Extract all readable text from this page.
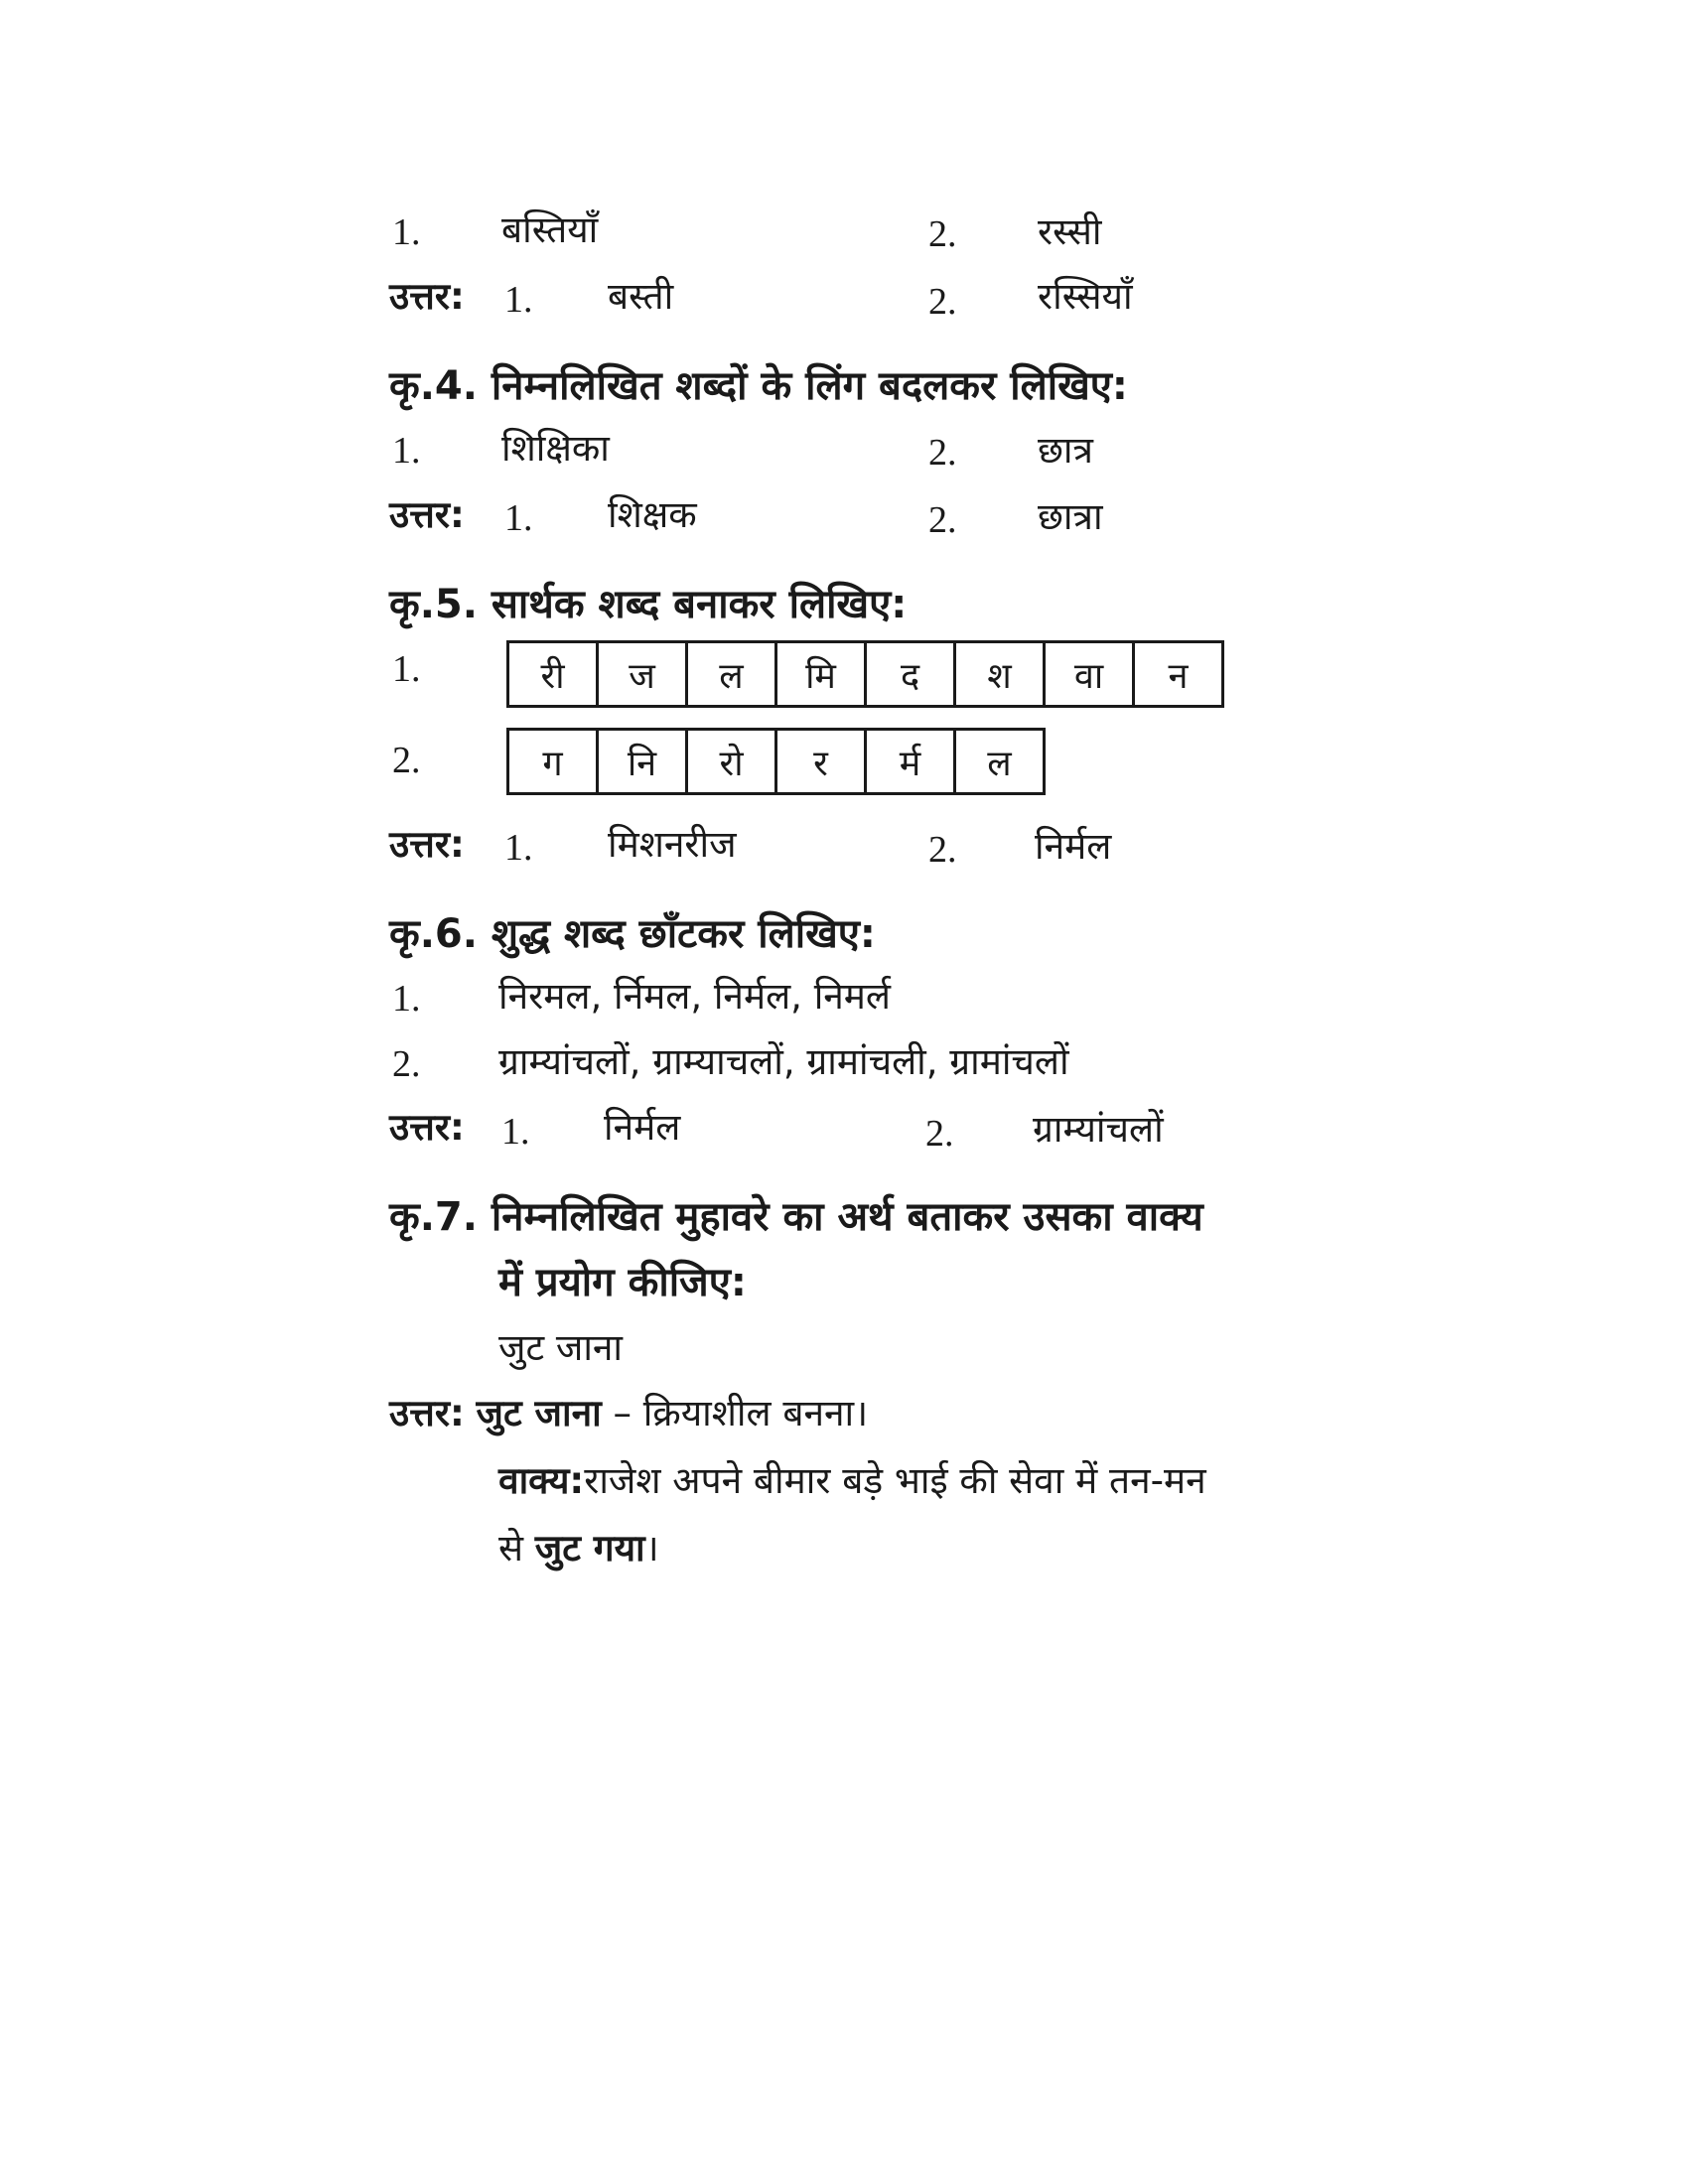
1. बस्तियाँ	2. रस्सी
उत्तर: 1. बस्ती	2. रस्सियाँ
कृ.4. निम्नलिखित शब्दों के लिंग बदलकर लिखिए:
1. शिक्षिका	2. छात्र
उत्तर: 1. शिक्षक	2. छात्रा
कृ.5. सार्थक शब्द बनाकर लिखिए:
1.	री	ज	ल	मि	द	श	वा	न
2.	ग	नि	रो	र	र्म	ल
उत्तर: 1. मिशनरीज	2. निर्मल
कृ.6. शुद्ध शब्द छाँटकर लिखिए:
1. निरमल, र्निमल, निर्मल, निमर्ल
2. ग्राम्यांचलों, ग्राम्याचलों, ग्रामांचली, ग्रामांचलों
उत्तर: 1. निर्मल	2. ग्राम्यांचलों
कृ.7. निम्नलिखित मुहावरे का अर्थ बताकर उसका वाक्य
में प्रयोग कीजिए:
जुट जाना
उत्तर: जुट जाना – क्रियाशील बनना।
वाक्य:राजेश अपने बीमार बड़े भाई की सेवा में तन-मन
से जुट गया।
